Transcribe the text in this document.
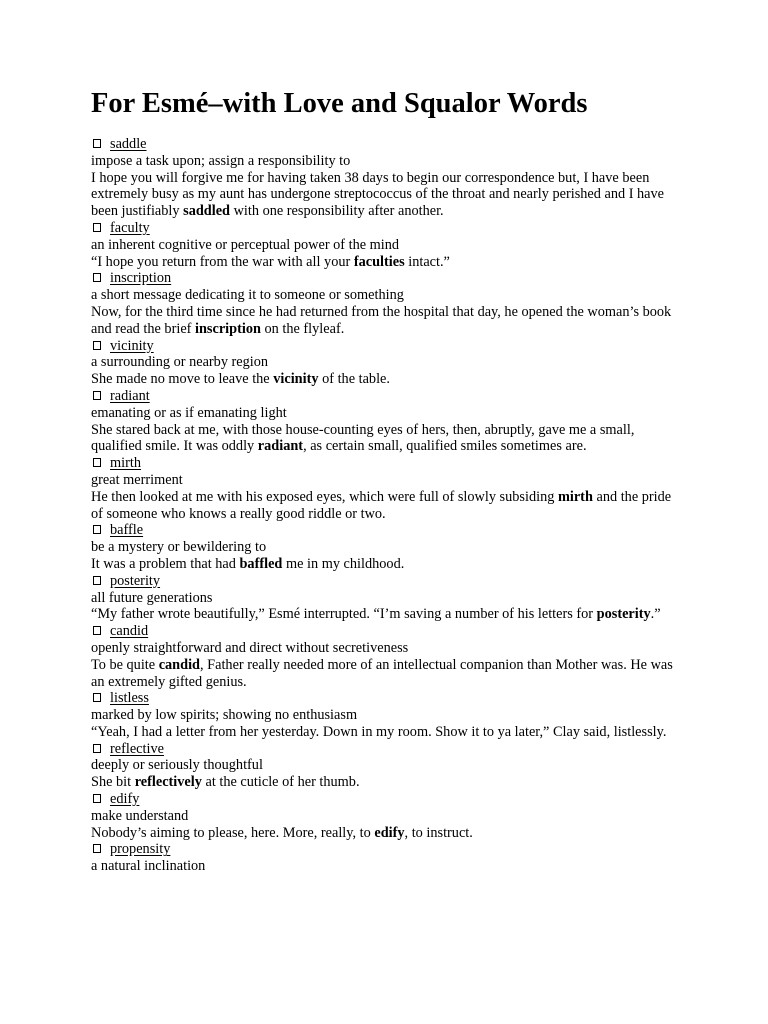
For Esmé–with Love and Squalor Words
saddle
impose a task upon; assign a responsibility to
I hope you will forgive me for having taken 38 days to begin our correspondence but, I have been extremely busy as my aunt has undergone streptococcus of the throat and nearly perished and I have been justifiably saddled with one responsibility after another.
faculty
an inherent cognitive or perceptual power of the mind
“I hope you return from the war with all your faculties intact.”
inscription
a short message dedicating it to someone or something
Now, for the third time since he had returned from the hospital that day, he opened the woman’s book and read the brief inscription on the flyleaf.
vicinity
a surrounding or nearby region
She made no move to leave the vicinity of the table.
radiant
emanating or as if emanating light
She stared back at me, with those house-counting eyes of hers, then, abruptly, gave me a small, qualified smile. It was oddly radiant, as certain small, qualified smiles sometimes are.
mirth
great merriment
He then looked at me with his exposed eyes, which were full of slowly subsiding mirth and the pride of someone who knows a really good riddle or two.
baffle
be a mystery or bewildering to
It was a problem that had baffled me in my childhood.
posterity
all future generations
“My father wrote beautifully,” Esmé interrupted. “I’m saving a number of his letters for posterity.”
candid
openly straightforward and direct without secretiveness
To be quite candid, Father really needed more of an intellectual companion than Mother was. He was an extremely gifted genius.
listless
marked by low spirits; showing no enthusiasm
“Yeah, I had a letter from her yesterday. Down in my room. Show it to ya later,” Clay said, listlessly.
reflective
deeply or seriously thoughtful
She bit reflectively at the cuticle of her thumb.
edify
make understand
Nobody’s aiming to please, here. More, really, to edify, to instruct.
propensity
a natural inclination
